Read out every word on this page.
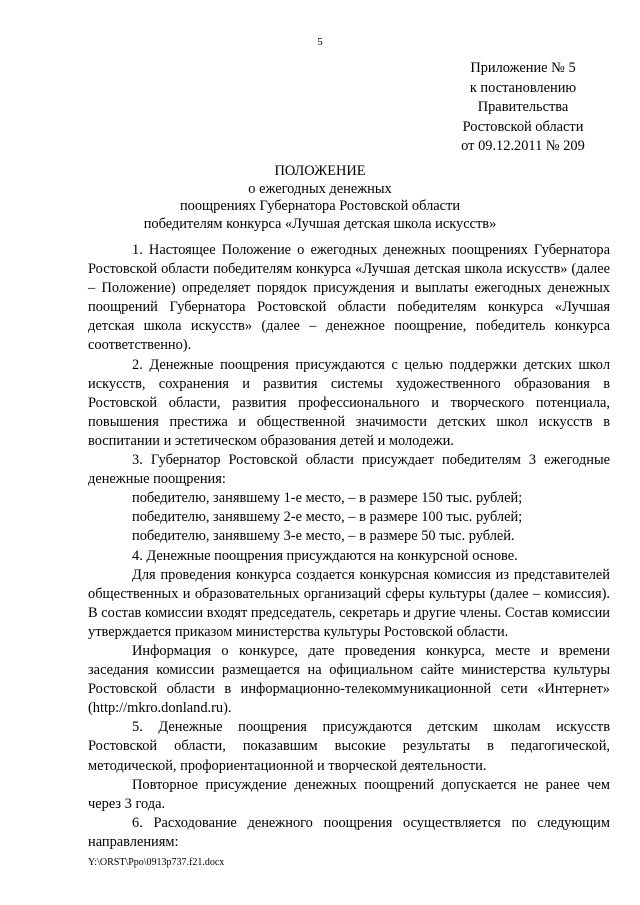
5
Приложение № 5
к постановлению
Правительства
Ростовской области
от 09.12.2011 № 209
ПОЛОЖЕНИЕ
о ежегодных денежных
поощрениях Губернатора Ростовской области
победителям конкурса «Лучшая детская школа искусств»

1. Настоящее Положение о ежегодных денежных поощрениях Губернатора Ростовской области победителям конкурса «Лучшая детская школа искусств» (далее – Положение) определяет порядок присуждения и выплаты ежегодных денежных поощрений Губернатора Ростовской области победителям конкурса «Лучшая детская школа искусств» (далее – денежное поощрение, победитель конкурса соответственно).

2. Денежные поощрения присуждаются с целью поддержки детских школ искусств, сохранения и развития системы художественного образования в Ростовской области, развития профессионального и творческого потенциала, повышения престижа и общественной значимости детских школ искусств в воспитании и эстетическом образования детей и молодежи.

3. Губернатор Ростовской области присуждает победителям 3 ежегодные денежные поощрения:

победителю, занявшему 1-е место, – в размере 150 тыс. рублей;

победителю, занявшему 2-е место, – в размере 100 тыс. рублей;

победителю, занявшему 3-е место, – в размере 50 тыс. рублей.

4. Денежные поощрения присуждаются на конкурсной основе.

Для проведения конкурса создается конкурсная комиссия из представителей общественных и образовательных организаций сферы культуры (далее – комиссия). В состав комиссии входят председатель, секретарь и другие члены. Состав комиссии утверждается приказом министерства культуры Ростовской области.

Информация о конкурсе, дате проведения конкурса, месте и времени заседания комиссии размещается на официальном сайте министерства культуры Ростовской области в информационно-телекоммуникационной сети «Интернет» (http://mkro.donland.ru).

5. Денежные поощрения присуждаются детским школам искусств Ростовской области, показавшим высокие результаты в педагогической, методической, профориентационной и творческой деятельности.

Повторное присуждение денежных поощрений допускается не ранее чем через 3 года.

6. Расходование денежного поощрения осуществляется по следующим направлениям:

Y:\ORST\Ppo\0913p737.f21.docx
